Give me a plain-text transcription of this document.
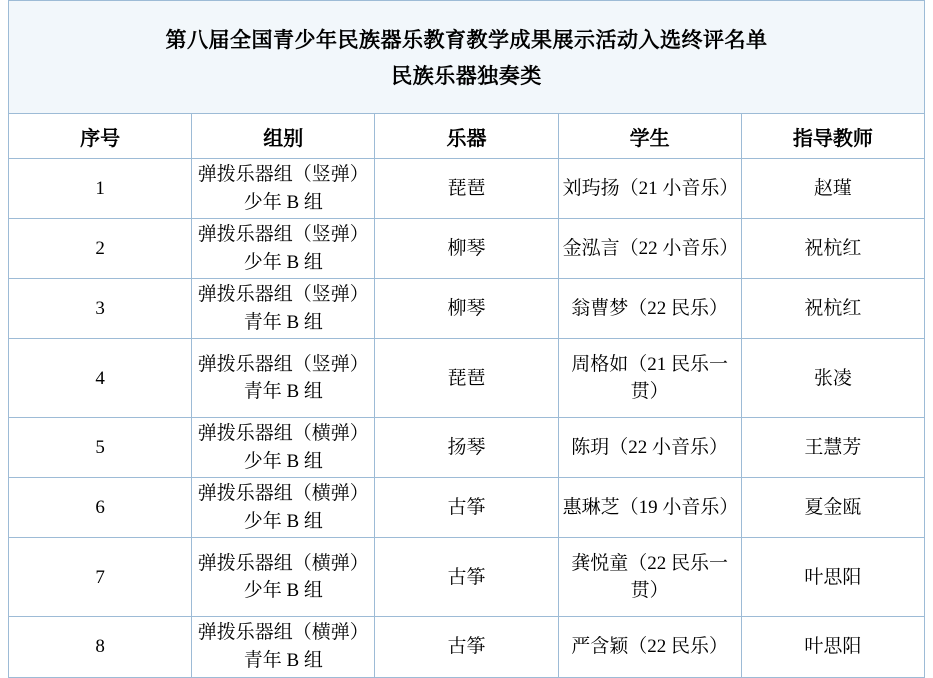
第八届全国青少年民族器乐教育教学成果展示活动入选终评名单
民族乐器独奏类				

序号	组别	乐器	学生	指导教师

1	弹拨乐器组（竖弹）少年 B 组	琵琶	刘玙扬（21 小音乐）	赵瑾

2	弹拨乐器组（竖弹）少年 B 组	柳琴	金泓言（22 小音乐）	祝杭红

3	弹拨乐器组（竖弹）青年 B 组	柳琴	翁曹梦（22 民乐）	祝杭红

4	弹拨乐器组（竖弹）青年 B 组	琵琶	周格如（21 民乐一贯）	张凌

5	弹拨乐器组（横弹）少年 B 组	扬琴	陈玥（22 小音乐）	王慧芳

6	弹拨乐器组（横弹）少年 B 组	古筝	惠琳芝（19 小音乐）	夏金瓯

7	弹拨乐器组（横弹）少年 B 组	古筝	龚悦童（22 民乐一贯）	叶思阳

8	弹拨乐器组（横弹）青年 B 组	古筝	严含颖（22 民乐）	叶思阳
